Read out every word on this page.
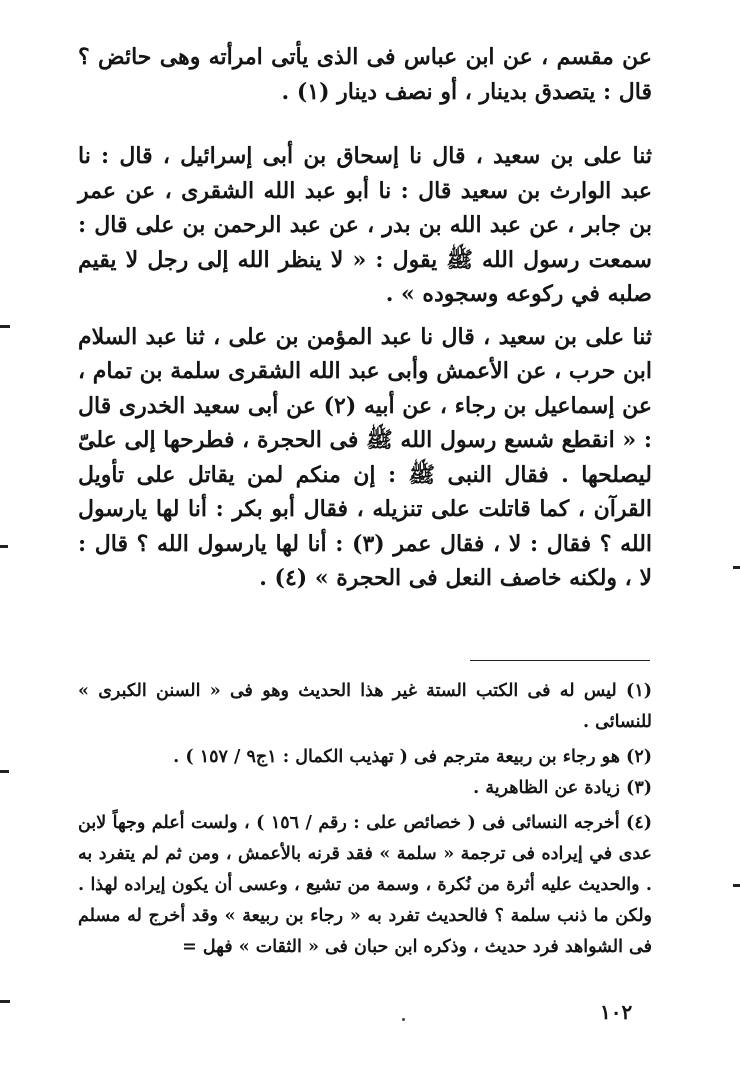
عن مقسم ، عن ابن عباس فى الذى يأتى امرأته وهى حائض ؟ قال : يتصدق بدينار ، أو نصف دينار (١) .

ثنا على بن سعيد ، قال نا إسحاق بن أبى إسرائيل ، قال : نا عبد الوارث بن سعيد قال : نا أبو عبد الله الشقرى ، عن عمر بن جابر ، عن عبد الله بن بدر ، عن عبد الرحمن بن على قال : سمعت رسول الله ﷺ يقول : « لا ينظر الله إلى رجل لا يقيم صلبه في ركوعه وسجوده » .

ثنا على بن سعيد ، قال نا عبد المؤمن بن على ، ثنا عبد السلام ابن حرب ، عن الأعمش وأبى عبد الله الشقرى سلمة بن تمام ، عن إسماعيل بن رجاء ، عن أبيه (٢) عن أبى سعيد الخدرى قال : « انقطع شسع رسول الله ﷺ فى الحجرة ، فطرحها إلى علىّ ليصلحها . فقال النبى ﷺ : إن منكم لمن يقاتل على تأويل القرآن ، كما قاتلت على تنزيله ، فقال أبو بكر : أنا لها يارسول الله ؟ فقال : لا ، فقال عمر (٣) : أنا لها يارسول الله ؟ قال : لا ، ولكنه خاصف النعل فى الحجرة » (٤) .

(١) ليس له فى الكتب الستة غير هذا الحديث وهو فى « السنن الكبرى » للنسائى .

(٢) هو رجاء بن ربيعة مترجم فى ( تهذيب الكمال : ١ج٩ / ١٥٧ ) .

(٣) زيادة عن الظاهرية .

(٤) أخرجه النسائى فى ( خصائص على : رقم / ١٥٦ ) ، ولست أعلم وجهاً لابن عدى في إيراده فى ترجمة « سلمة » فقد قرنه بالأعمش ، ومن ثم لم يتفرد به . والحديث عليه أثرة من نُكرة ، وسمة من تشيع ، وعسى أن يكون إيراده لهذا . ولكن ما ذنب سلمة ؟ فالحديث تفرد به « رجاء بن ربيعة » وقد أخرج له مسلم فى الشواهد فرد حديث ، وذكره ابن حبان فى « الثقات » فهل =

١٠٢
